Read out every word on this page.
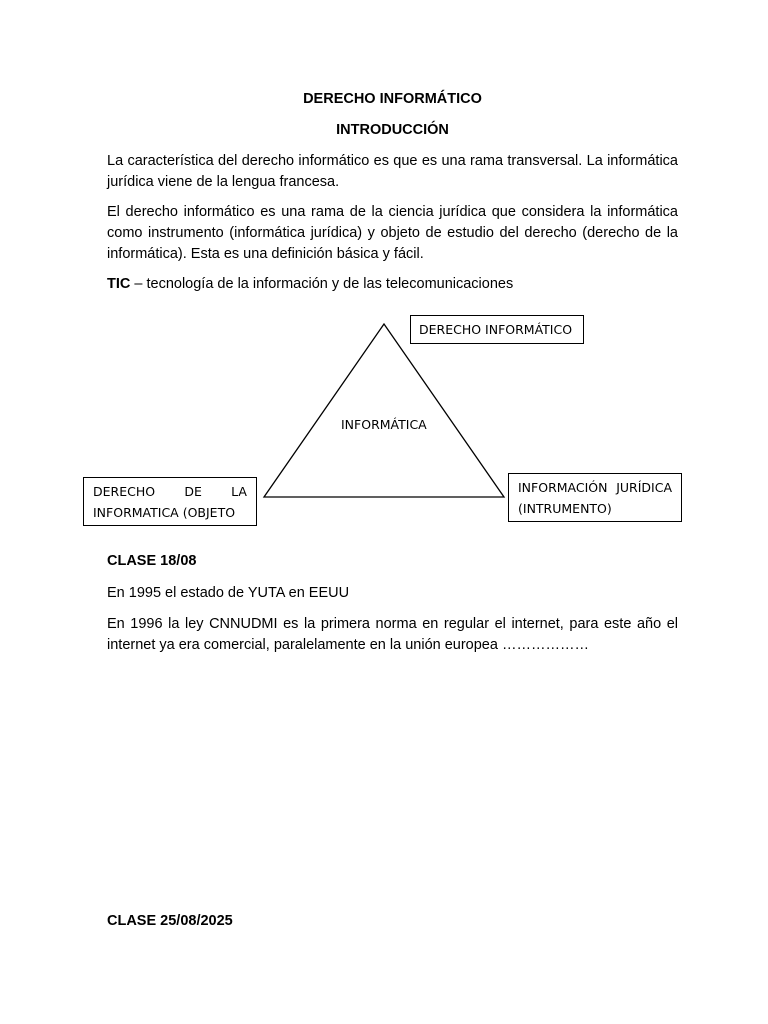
DERECHO INFORMÁTICO
INTRODUCCIÓN
La característica del derecho informático es que es una rama transversal. La informática jurídica viene de la lengua francesa.
El derecho informático es una rama de la ciencia jurídica que considera la informática como instrumento (informática jurídica) y objeto de estudio del derecho (derecho de la informática). Esta es una definición básica y fácil.
TIC – tecnología de la información y de las telecomunicaciones
INFORMÁTICA
DERECHO INFORMÁTICO
DERECHO DE LA INFORMATICA (OBJETO
INFORMACIÓN JURÍDICA (INTRUMENTO)
CLASE 18/08
En 1995 el estado de YUTA en EEUU
En 1996 la ley CNNUDMI es la primera norma en regular el internet, para este año el internet ya era comercial, paralelamente en la unión europea ………………
CLASE 25/08/2025
